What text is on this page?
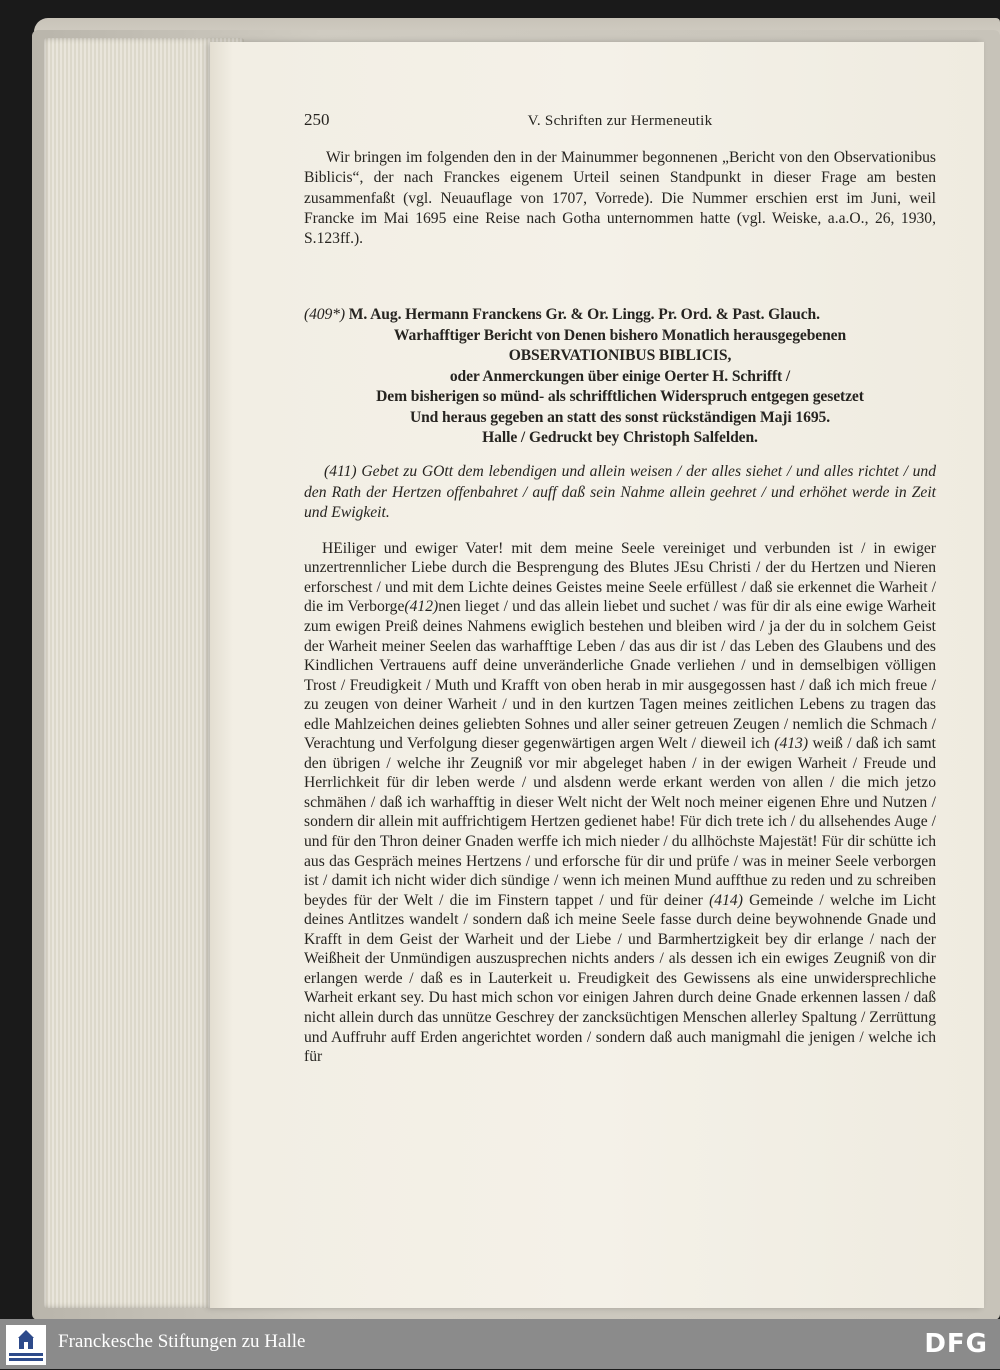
250	V. Schriften zur Hermeneutik

Wir bringen im folgenden den in der Mainummer begonnenen „Bericht von den Observationibus Biblicis“, der nach Franckes eigenem Urteil seinen Standpunkt in dieser Frage am besten zusammenfaßt (vgl. Neuauflage von 1707, Vorrede). Die Nummer erschien erst im Juni, weil Francke im Mai 1695 eine Reise nach Gotha unternommen hatte (vgl. Weiske, a.a.O., 26, 1930, S.123ff.).

(409*) M. Aug. Hermann Franckens Gr. & Or. Lingg. Pr. Ord. & Past. Glauch.
Warhafftiger Bericht von Denen bishero Monatlich herausgegebenen
OBSERVATIONIBUS BIBLICIS,
oder Anmerckungen über einige Oerter H. Schrifft /
Dem bisherigen so münd- als schrifftlichen Widerspruch entgegen gesetzet
Und heraus gegeben an statt des sonst rückständigen Maji 1695.
Halle / Gedruckt bey Christoph Salfelden.
(411) Gebet zu GOtt dem lebendigen und allein weisen / der alles siehet / und alles richtet / und den Rath der Hertzen offenbahret / auff daß sein Nahme allein geehret / und erhöhet werde in Zeit und Ewigkeit.
HEiliger und ewiger Vater! mit dem meine Seele vereiniget und verbunden ist / in ewiger unzertrennlicher Liebe durch die Besprengung des Blutes JEsu Christi / der du Hertzen und Nieren erforschest / und mit dem Lichte deines Geistes meine Seele erfüllest / daß sie erkennet die Warheit / die im Verborge(412)nen lieget / und das allein liebet und suchet / was für dir als eine ewige Warheit zum ewigen Preiß deines Nahmens ewiglich bestehen und bleiben wird / ja der du in solchem Geist der Warheit meiner Seelen das warhafftige Leben / das aus dir ist / das Leben des Glaubens und des Kindlichen Vertrauens auff deine unveränderliche Gnade verliehen / und in demselbigen völligen Trost / Freudigkeit / Muth und Krafft von oben herab in mir ausgegossen hast / daß ich mich freue / zu zeugen von deiner Warheit / und in den kurtzen Tagen meines zeitlichen Lebens zu tragen das edle Mahlzeichen deines geliebten Sohnes und aller seiner getreuen Zeugen / nemlich die Schmach / Verachtung und Verfolgung dieser gegenwärtigen argen Welt / dieweil ich (413) weiß / daß ich samt den übrigen / welche ihr Zeugniß vor mir abgeleget haben / in der ewigen Warheit / Freude und Herrlichkeit für dir leben werde / und alsdenn werde erkant werden von allen / die mich jetzo schmähen / daß ich warhafftig in dieser Welt nicht der Welt noch meiner eigenen Ehre und Nutzen / sondern dir allein mit auffrichtigem Hertzen gedienet habe! Für dich trete ich / du allsehendes Auge / und für den Thron deiner Gnaden werffe ich mich nieder / du allhöchste Majestät! Für dir schütte ich aus das Gespräch meines Hertzens / und erforsche für dir und prüfe / was in meiner Seele verborgen ist / damit ich nicht wider dich sündige / wenn ich meinen Mund auffthue zu reden und zu schreiben beydes für der Welt / die im Finstern tappet / und für deiner (414) Gemeinde / welche im Licht deines Antlitzes wandelt / sondern daß ich meine Seele fasse durch deine beywohnende Gnade und Krafft in dem Geist der Warheit und der Liebe / und Barmhertzigkeit bey dir erlange / nach der Weißheit der Unmündigen auszusprechen nichts anders / als dessen ich ein ewiges Zeugniß von dir erlangen werde / daß es in Lauterkeit u. Freudigkeit des Gewissens als eine unwidersprechliche Warheit erkant sey. Du hast mich schon vor einigen Jahren durch deine Gnade erkennen lassen / daß nicht allein durch das unnütze Geschrey der zancksüchtigen Menschen allerley Spaltung / Zerrüttung und Auffruhr auff Erden angerichtet worden / sondern daß auch manigmahl die jenigen / welche ich für
Franckesche Stiftungen zu Halle	DFG
